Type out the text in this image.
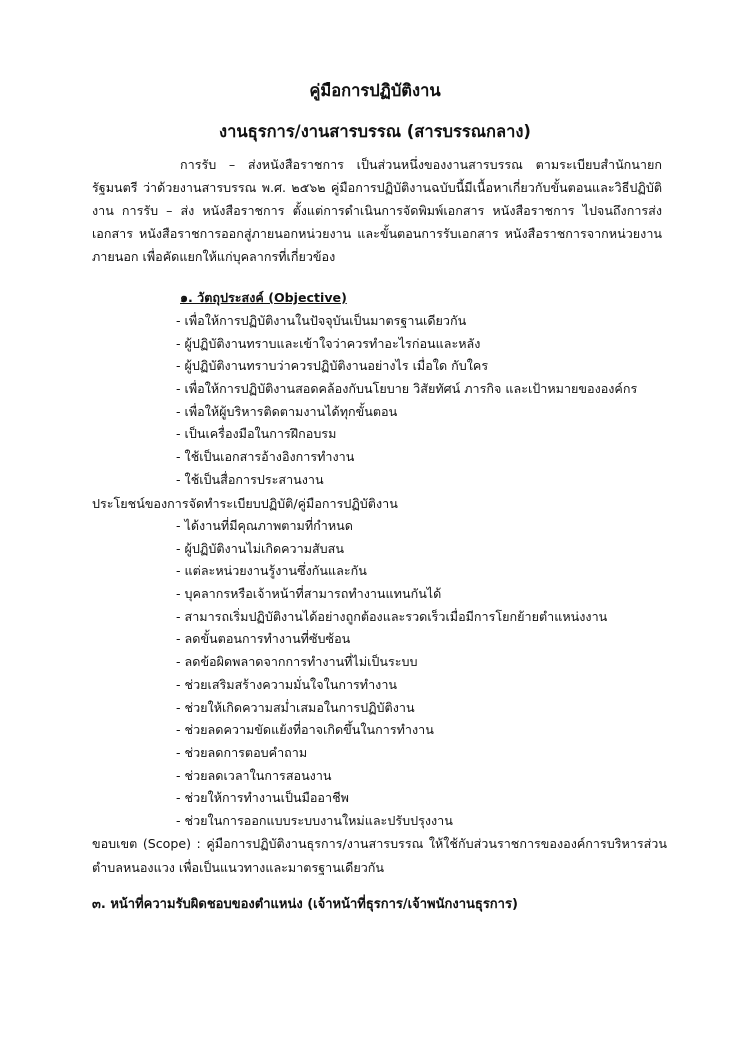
คู่มือการปฏิบัติงาน
งานธุรการ/งานสารบรรณ (สารบรรณกลาง)

การรับ – ส่งหนังสือราชการ เป็นส่วนหนึ่งของงานสารบรรณ ตามระเบียบสำนักนายกรัฐมนตรี ว่าด้วยงานสารบรรณ พ.ศ. ๒๕๖๒ คู่มือการปฏิบัติงานฉบับนี้มีเนื้อหาเกี่ยวกับขั้นตอนและวิธีปฏิบัติงาน การรับ – ส่ง หนังสือราชการ ตั้งแต่การดำเนินการจัดพิมพ์เอกสาร หนังสือราชการ ไปจนถึงการส่งเอกสาร หนังสือราชการออกสู่ภายนอกหน่วยงาน และขั้นตอนการรับเอกสาร หนังสือราชการจากหน่วยงานภายนอก เพื่อคัดแยกให้แก่บุคลากรที่เกี่ยวข้อง

๑. วัตถุประสงค์ (Objective)
- เพื่อให้การปฏิบัติงานในปัจจุบันเป็นมาตรฐานเดียวกัน
- ผู้ปฏิบัติงานทราบและเข้าใจว่าควรทำอะไรก่อนและหลัง
- ผู้ปฏิบัติงานทราบว่าควรปฏิบัติงานอย่างไร เมื่อใด กับใคร
- เพื่อให้การปฏิบัติงานสอดคล้องกับนโยบาย วิสัยทัศน์ ภารกิจ และเป้าหมายขององค์กร
- เพื่อให้ผู้บริหารติดตามงานได้ทุกขั้นตอน
- เป็นเครื่องมือในการฝึกอบรม
- ใช้เป็นเอกสารอ้างอิงการทำงาน
- ใช้เป็นสื่อการประสานงาน
ประโยชน์ของการจัดทำระเบียบปฏิบัติ/คู่มือการปฏิบัติงาน
- ได้งานที่มีคุณภาพตามที่กำหนด
- ผู้ปฏิบัติงานไม่เกิดความสับสน
- แต่ละหน่วยงานรู้งานซึ่งกันและกัน
- บุคลากรหรือเจ้าหน้าที่สามารถทำงานแทนกันได้
- สามารถเริ่มปฏิบัติงานได้อย่างถูกต้องและรวดเร็วเมื่อมีการโยกย้ายตำแหน่งงาน
- ลดขั้นตอนการทำงานที่ซับซ้อน
- ลดข้อผิดพลาดจากการทำงานที่ไม่เป็นระบบ
- ช่วยเสริมสร้างความมั่นใจในการทำงาน
- ช่วยให้เกิดความสม่ำเสมอในการปฏิบัติงาน
- ช่วยลดความขัดแย้งที่อาจเกิดขึ้นในการทำงาน
- ช่วยลดการตอบคำถาม
- ช่วยลดเวลาในการสอนงาน
- ช่วยให้การทำงานเป็นมืออาชีพ
- ช่วยในการออกแบบระบบงานใหม่และปรับปรุงงาน

ขอบเขต (Scope) : คู่มือการปฏิบัติงานธุรการ/งานสารบรรณ ให้ใช้กับส่วนราชการขององค์การบริหารส่วนตำบลหนองแวง เพื่อเป็นแนวทางและมาตรฐานเดียวกัน

๓. หน้าที่ความรับผิดชอบของตำแหน่ง (เจ้าหน้าที่ธุรการ/เจ้าพนักงานธุรการ)
